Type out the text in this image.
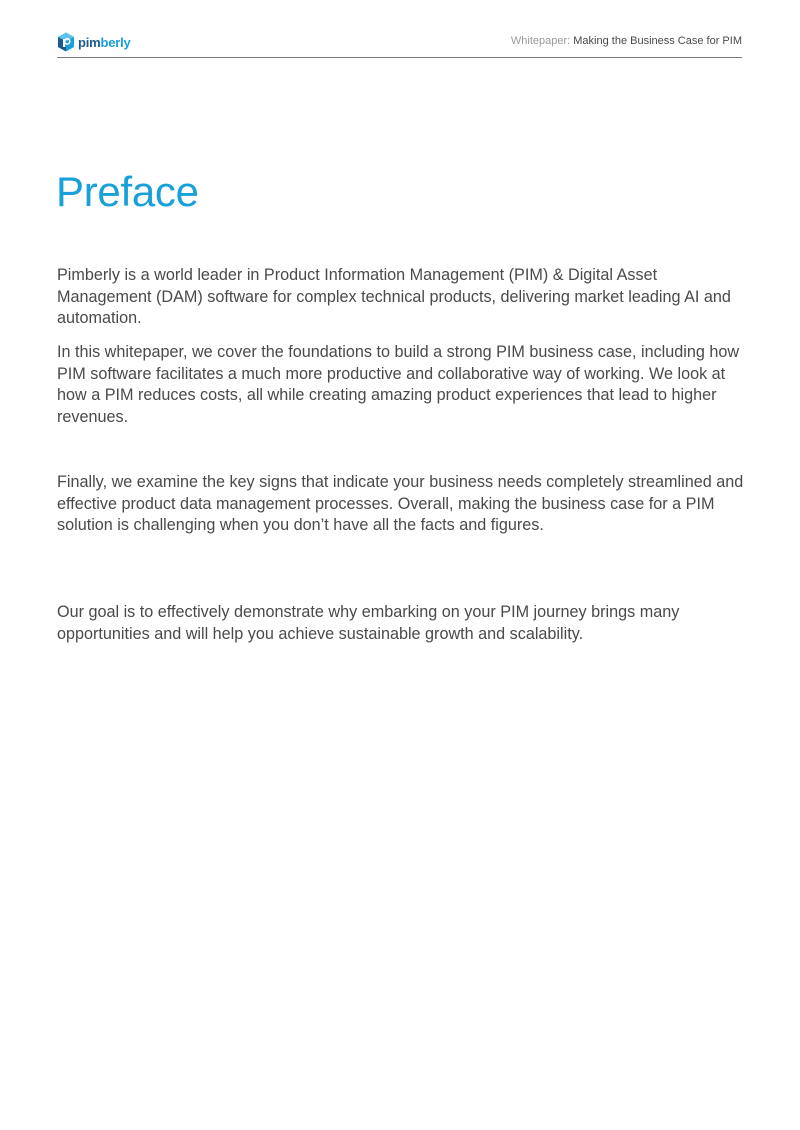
pimberly	Whitepaper: Making the Business Case for PIM
Preface

Pimberly is a world leader in Product Information Management (PIM) & Digital Asset Management (DAM) software for complex technical products, delivering market leading AI and automation.

In this whitepaper, we cover the foundations to build a strong PIM business case, including how PIM software facilitates a much more productive and collaborative way of working. We look at how a PIM reduces costs, all while creating amazing product experiences that lead to higher revenues.

Finally, we examine the key signs that indicate your business needs completely streamlined and effective product data management processes. Overall, making the business case for a PIM solution is challenging when you don’t have all the facts and figures.

Our goal is to effectively demonstrate why embarking on your PIM journey brings many opportunities and will help you achieve sustainable growth and scalability.
